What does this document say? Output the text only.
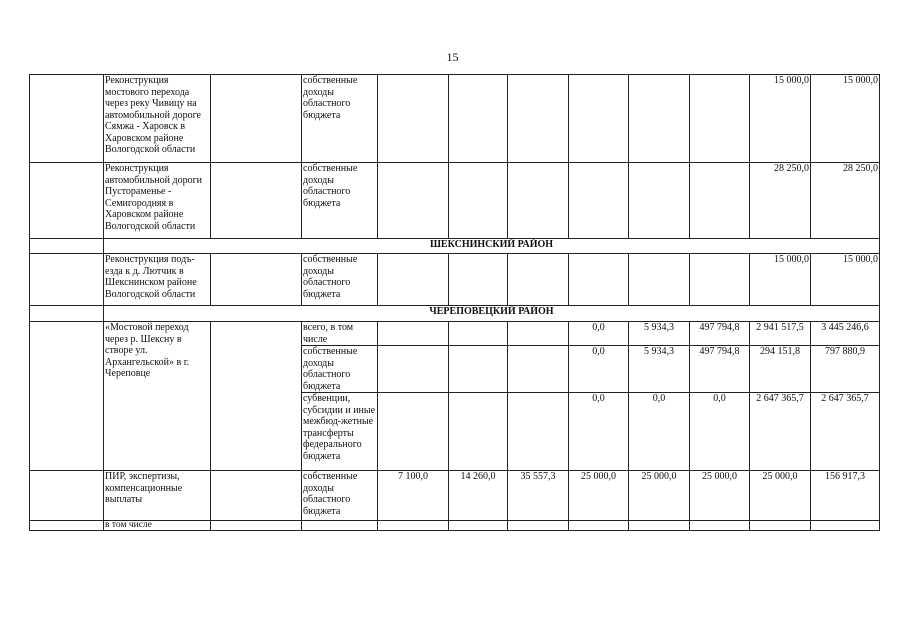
15
	Реконструкция мостового перехода через реку Чивицу на автомобильной дороге Сямжа - Харовск в Харовском районе Вологодской области		собственные доходы областного бюджета							15 000,0	15 000,0
	Реконструкция автомобильной дороги Пустораменье - Семигородняя в Харовском районе Вологодской области		собственные доходы областного бюджета							28 250,0	28 250,0
	ШЕКСНИНСКИЙ РАЙОН										
	Реконструкция подъ-езда к д. Лютчик в Шекснинском районе Вологодской области		собственные доходы областного бюджета							15 000,0	15 000,0
	ЧЕРЕПОВЕЦКИЙ РАЙОН										
	«Мостовой переход через р. Шексну в створе ул. Архангельской» в г. Череповце		всего, в том числе				0,0	5 934,3	497 794,8	2 941 517,5	3 445 246,6
			собственные доходы областного бюджета				0,0	5 934,3	497 794,8	294 151,8	797 880,9
			субвенции, субсидии и иные межбюд-жетные трансферты федерального бюджета				0,0	0,0	0,0	2 647 365,7	2 647 365,7
	ПИР, экспертизы, компенсационные выплаты		собственные доходы областного бюджета	7 100,0	14 260,0	35 557,3	25 000,0	25 000,0	25 000,0	25 000,0	156 917,3
	в том числе										
